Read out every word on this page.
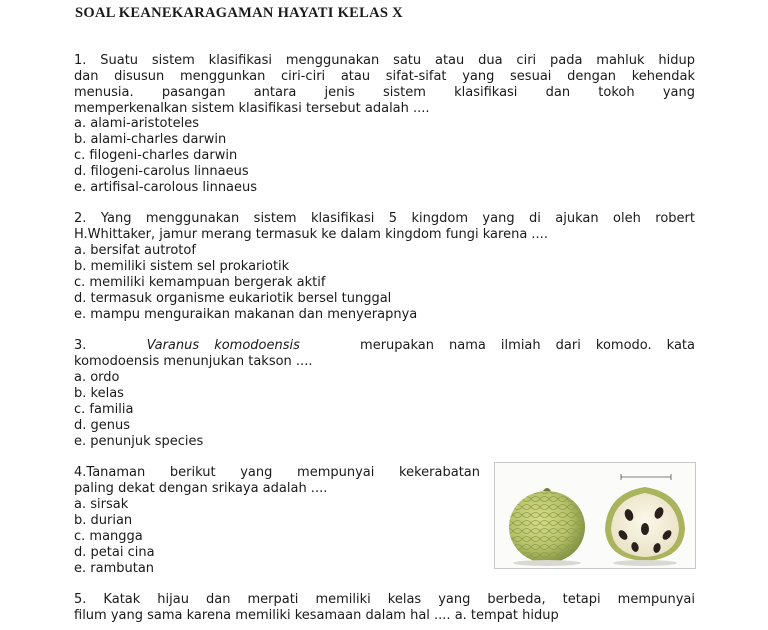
SOAL KEANEKARAGAMAN HAYATI KELAS X
1. Suatu sistem klasifikasi menggunakan satu atau dua ciri pada mahluk hidup
dan disusun menggunkan ciri-ciri atau sifat-sifat yang sesuai dengan kehendak
menusia. pasangan antara jenis sistem klasifikasi dan tokoh yang
memperkenalkan sistem klasifikasi tersebut adalah ....
a. alami-aristoteles
b. alami-charles darwin
c. filogeni-charles darwin
d. filogeni-carolus linnaeus
e. artifisal-carolous linnaeus
2. Yang menggunakan sistem klasifikasi 5 kingdom yang di ajukan oleh robert
H.Whittaker, jamur merang termasuk ke dalam kingdom fungi karena ....
a. bersifat autrotof
b. memiliki sistem sel prokariotik
c. memiliki kemampuan bergerak aktif
d. termasuk organisme eukariotik bersel tunggal
e. mampu menguraikan makanan dan menyerapnya
3.	Varanus komodoensis	merupakan nama ilmiah dari komodo. kata
komodoensis menunjukan takson ....
a. ordo
b. kelas
c. familia
d. genus
e. penunjuk species
4.Tanaman berikut yang mempunyai kekerabatan
paling dekat dengan srikaya adalah ....
a. sirsak
b. durian
c. mangga
d. petai cina
e. rambutan
5. Katak hijau dan merpati memiliki kelas yang berbeda, tetapi mempunyai
filum yang sama karena memiliki kesamaan dalam hal .... a. tempat hidup
